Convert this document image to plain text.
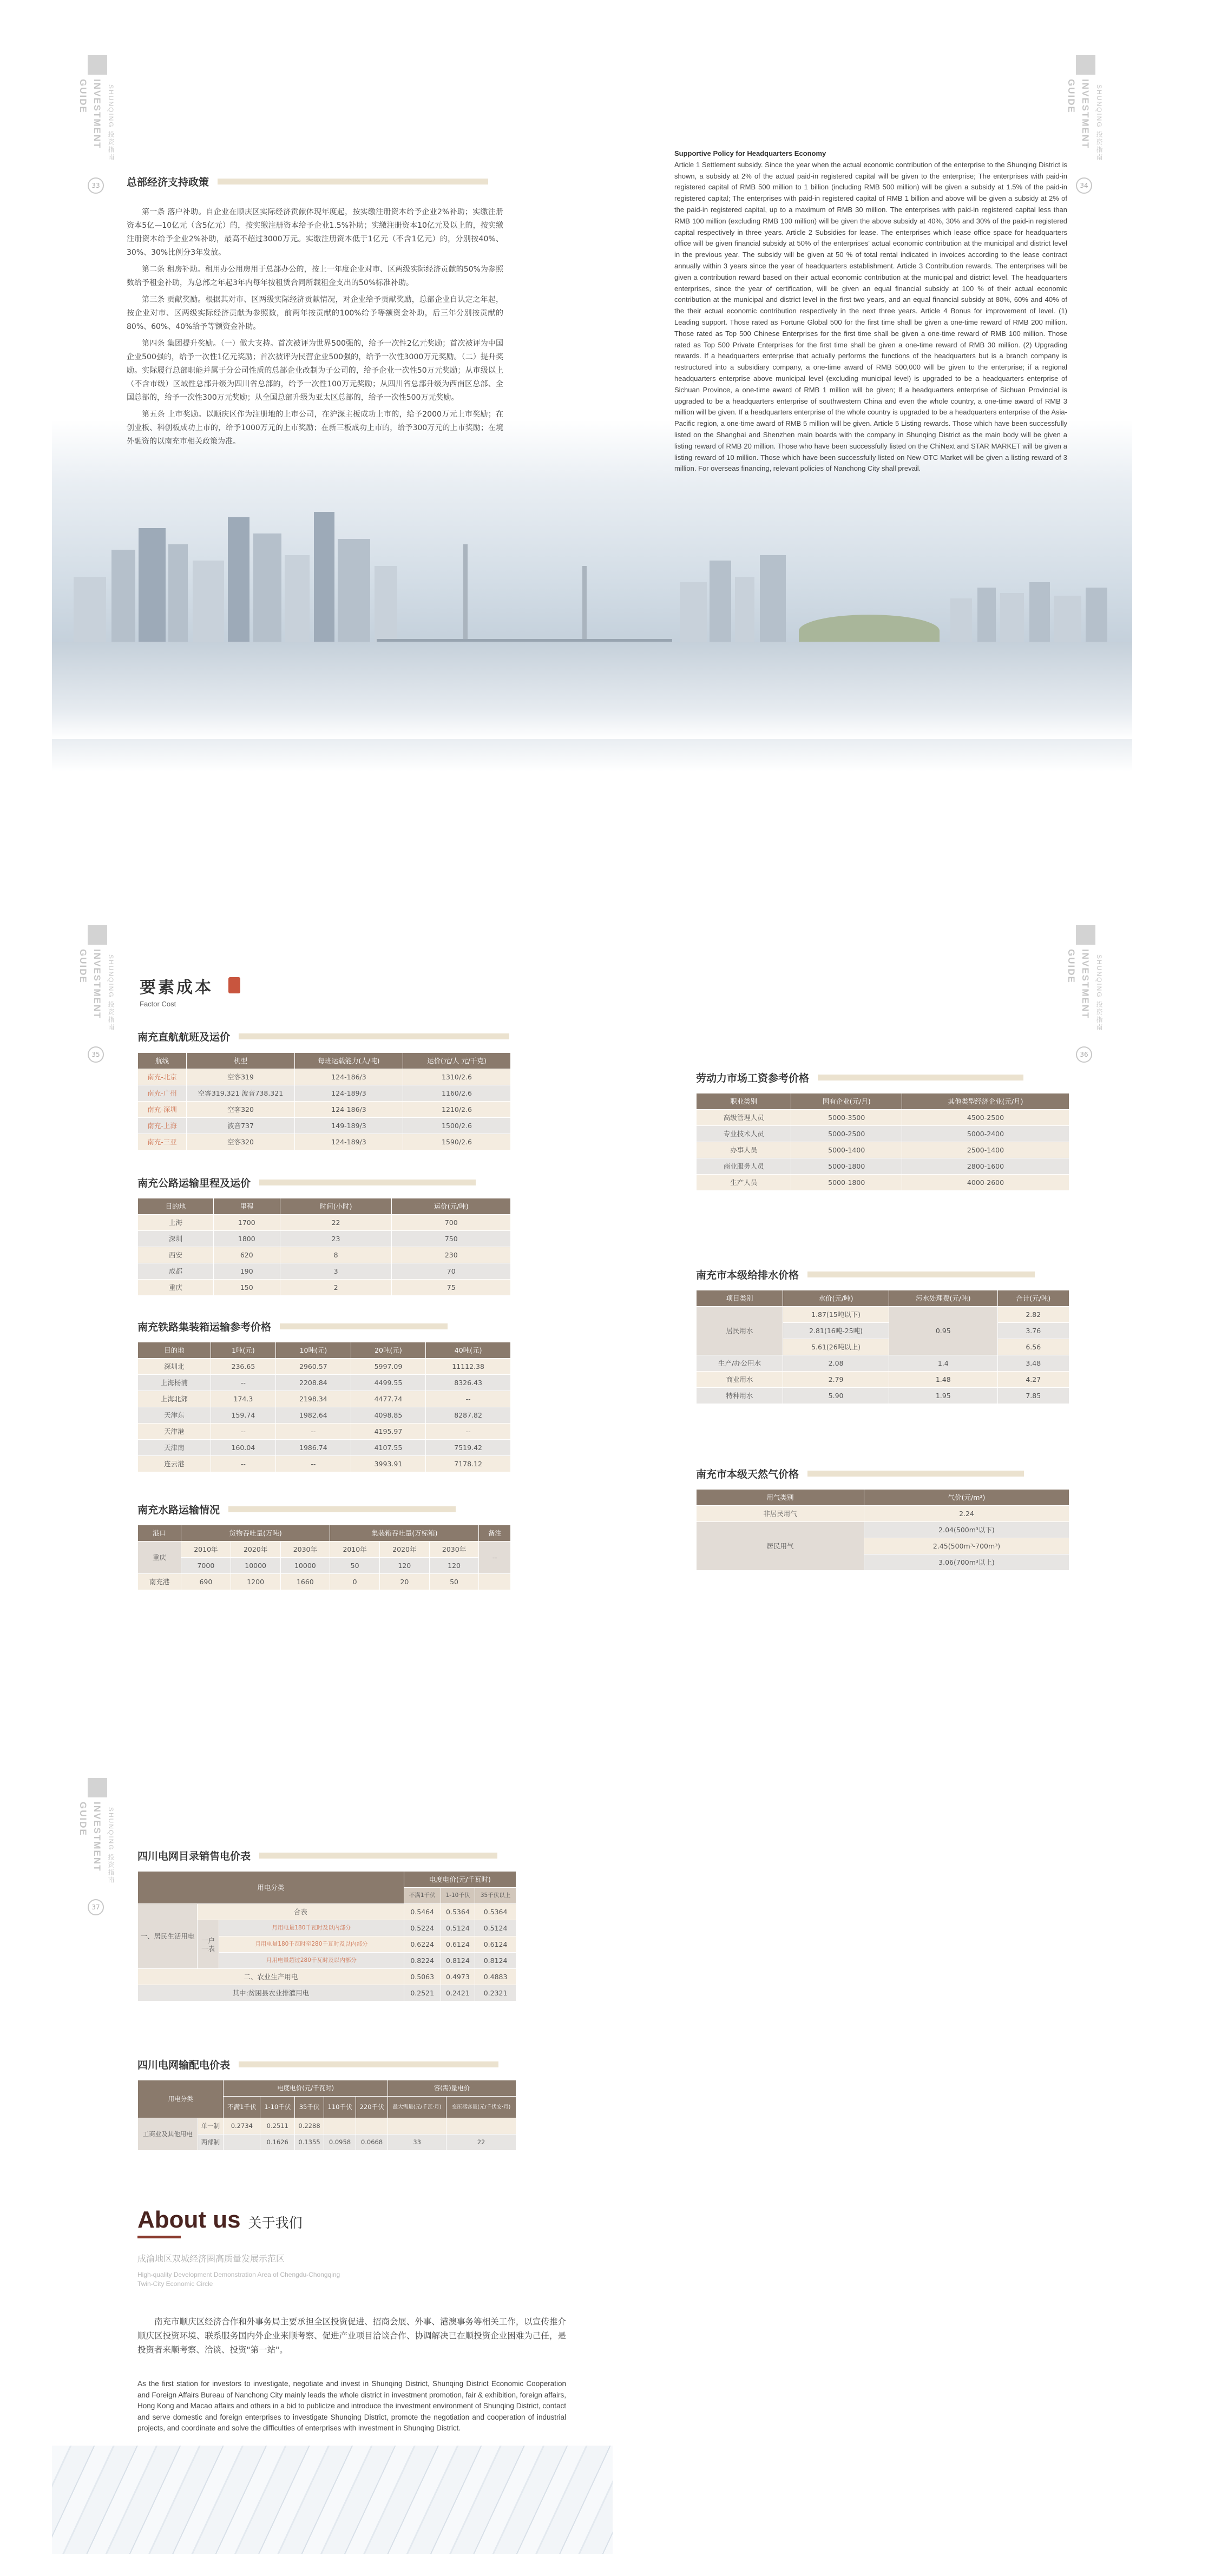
INVESTMENT GUIDE	SHUNQING 投资指南
33
INVESTMENT GUIDE	SHUNQING 投资指南
34
总部经济支持政策

第一条 落户补助。自企业在顺庆区实际经济贡献体现年度起，按实缴注册资本给予企业2%补助；实缴注册资本5亿—10亿元（含5亿元）的，按实缴注册资本给予企业1.5%补助；实缴注册资本10亿元及以上的，按实缴注册资本给予企业2%补助，最高不超过3000万元。实缴注册资本低于1亿元（不含1亿元）的，分别按40%、30%、30%比例分3年发放。

第二条 租房补助。租用办公用房用于总部办公的，按上一年度企业对市、区两级实际经济贡献的50%为参照数给予租金补助，为总部之年起3年内每年按租赁合同所载租金支出的50%标准补助。

第三条 贡献奖励。根据其对市、区两级实际经济贡献情况，对企业给予贡献奖励，总部企业自认定之年起，按企业对市、区两级实际经济贡献为参照数，前两年按贡献的100%给予等额资金补助，后三年分别按贡献的80%、60%、40%给予等额资金补助。

第四条 集团提升奖励。（一）做大支持。首次被评为世界500强的，给予一次性2亿元奖励；首次被评为中国企业500强的，给予一次性1亿元奖励；首次被评为民营企业500强的，给予一次性3000万元奖励。（二）提升奖励。实际履行总部职能并属于分公司性质的总部企业改制为子公司的，给予企业一次性50万元奖励；从市级以上（不含市级）区域性总部升级为四川省总部的，给予一次性100万元奖励；从四川省总部升级为西南区总部、全国总部的，给予一次性300万元奖励；从全国总部升级为亚太区总部的，给予一次性500万元奖励。

第五条 上市奖励。以顺庆区作为注册地的上市公司，在沪深主板成功上市的，给予2000万元上市奖励；在创业板、科创板成功上市的，给予1000万元的上市奖励；在新三板成功上市的，给予300万元的上市奖励；在境外融资的以南充市相关政策为准。

Supportive Policy for Headquarters Economy
Article 1 Settlement subsidy. Since the year when the actual economic contribution of the enterprise to the Shunqing District is shown, a subsidy at 2% of the actual paid-in registered capital will be given to the enterprise; The enterprises with paid-in registered capital of RMB 500 million to 1 billion (including RMB 500 million) will be given a subsidy at 1.5% of the paid-in registered capital; The enterprises with paid-in registered capital of RMB 1 billion and above will be given a subsidy at 2% of the paid-in registered capital, up to a maximum of RMB 30 million. The enterprises with paid-in registered capital less than RMB 100 million (excluding RMB 100 million) will be given the above subsidy at 40%, 30% and 30% of the paid-in registered capital respectively in three years. Article 2 Subsidies for lease. The enterprises which lease office space for headquarters office will be given financial subsidy at 50% of the enterprises' actual economic contribution at the municipal and district level in the previous year. The subsidy will be given at 50 % of total rental indicated in invoices according to the lease contract annually within 3 years since the year of headquarters establishment. Article 3 Contribution rewards. The enterprises will be given a contribution reward based on their actual economic contribution at the municipal and district level. The headquarters enterprises, since the year of certification, will be given an equal financial subsidy at 100 % of their actual economic contribution at the municipal and district level in the first two years, and an equal financial subsidy at 80%, 60% and 40% of the their actual economic contribution respectively in the next three years. Article 4 Bonus for improvement of level. (1) Leading support. Those rated as Fortune Global 500 for the first time shall be given a one-time reward of RMB 200 million. Those rated as Top 500 Chinese Enterprises for the first time shall be given a one-time reward of RMB 100 million. Those rated as Top 500 Private Enterprises for the first time shall be given a one-time reward of RMB 30 million. (2) Upgrading rewards. If a headquarters enterprise that actually performs the functions of the headquarters but is a branch company is restructured into a subsidiary company, a one-time award of RMB 500,000 will be given to the enterprise; if a regional headquarters enterprise above municipal level (excluding municipal level) is upgraded to be a headquarters enterprise of Sichuan Province, a one-time award of RMB 1 million will be given; If a headquarters enterprise of Sichuan Provincial is upgraded to be a headquarters enterprise of southwestern China and even the whole country, a one-time award of RMB 3 million will be given. If a headquarters enterprise of the whole country is upgraded to be a headquarters enterprise of the Asia-Pacific region, a one-time award of RMB 5 million will be given. Article 5 Listing rewards. Those which have been successfully listed on the Shanghai and Shenzhen main boards with the company in Shunqing District as the main body will be given a listing reward of RMB 20 million. Those who have been successfully listed on the ChiNext and STAR MARKET will be given a listing reward of 10 million. Those which have been successfully listed on New OTC Market will be given a listing reward of 3 million. For overseas financing, relevant policies of Nanchong City shall prevail.
INVESTMENT GUIDE	SHUNQING 投资指南
35
INVESTMENT GUIDE	SHUNQING 投资指南
36
要素成本
Factor Cost
南充直航航班及运价
航线	机型	每班运载能力(人/吨)	运价(元/人 元/千克)
南充-北京	空客319	124-186/3	1310/2.6
南充-广州	空客319.321 波音738.321	124-189/3	1160/2.6
南充-深圳	空客320	124-186/3	1210/2.6
南充-上海	波音737	149-189/3	1500/2.6
南充-三亚	空客320	124-189/3	1590/2.6
南充公路运输里程及运价
目的地	里程	时间(小时)	运价(元/吨)
上海	1700	22	700
深圳	1800	23	750
西安	620	8	230
成都	190	3	70
重庆	150	2	75
南充铁路集装箱运输参考价格
目的地	1吨(元)	10吨(元)	20吨(元)	40吨(元)
深圳北	236.65	2960.57	5997.09	11112.38
上海杨浦	--	2208.84	4499.55	8326.43
上海北郊	174.3	2198.34	4477.74	--
天津东	159.74	1982.64	4098.85	8287.82
天津港	--	--	4195.97	--
天津南	160.04	1986.74	4107.55	7519.42
连云港	--	--	3993.91	7178.12
南充水路运输情况
港口	货物吞吐量(万吨)			集装箱吞吐量(万标箱)			备注
重庆	2010年	2020年	2030年	2010年	2020年	2030年	--
	7000	10000	10000	50	120	120	
南充港	690	1200	1660	0	20	50	
劳动力市场工资参考价格
职业类别	国有企业(元/月)	其他类型经济企业(元/月)
高级管理人员	5000-3500	4500-2500
专业技术人员	5000-2500	5000-2400
办事人员	5000-1400	2500-1400
商业服务人员	5000-1800	2800-1600
生产人员	5000-1800	4000-2600
南充市本级给排水价格
项目类别	水价(元/吨)	污水处理费(元/吨)	合计(元/吨)
居民用水	1.87(15吨以下)	0.95	2.82
	2.81(16吨-25吨)		3.76
	5.61(26吨以上)		6.56
生产/办公用水	2.08	1.4	3.48
商业用水	2.79	1.48	4.27
特种用水	5.90	1.95	7.85
南充市本级天然气价格
用气类别	气价(元/m³)
非居民用气	2.24
居民用气	2.04(500m³以下)
	2.45(500m³-700m³)
	3.06(700m³以上)
INVESTMENT GUIDE	SHUNQING 投资指南
37
四川电网目录销售电价表
用电分类			电度电价(元/千瓦时)		
			不满1千伏	1-10千伏	35千伏以上
一、居民生活用电	合表		0.5464	0.5364	0.5364
	一户一表	月用电量180千瓦时及以内部分	0.5224	0.5124	0.5124
		月用电量180千瓦时至280千瓦时及以内部分	0.6224	0.6124	0.6124
		月用电量超过280千瓦时及以内部分	0.8224	0.8124	0.8124
二、农业生产用电			0.5063	0.4973	0.4883
其中:贫困县农业排灌用电			0.2521	0.2421	0.2321
四川电网输配电价表
用电分类		电度电价(元/千瓦时)					容(需)量电价	
		不满1千伏	1-10千伏	35千伏	110千伏	220千伏	最大需量(元/千瓦·月)	变压器容量(元/千伏安·月)
工商业及其他用电	单一制	0.2734	0.2511	0.2288				
	两部制		0.1626	0.1355	0.0958	0.0668	33	22
About us 关于我们
成渝地区双城经济圈高质量发展示范区
High-quality Development Demonstration Area of Chengdu-Chongqing Twin-City Economic Circle
南充市顺庆区经济合作和外事务局主要承担全区投资促进、招商会展、外事、港澳事务等相关工作，以宣传推介顺庆区投资环境、联系服务国内外企业来顺考察、促进产业项目洽谈合作、协调解决已在顺投资企业困难为己任，是投资者来顺考察、洽谈、投资"第一站"。
As the first station for investors to investigate, negotiate and invest in Shunqing District, Shunqing District Economic Cooperation and Foreign Affairs Bureau of Nanchong City mainly leads the whole district in investment promotion, fair & exhibition, foreign affairs, Hong Kong and Macao affairs and others in a bid to publicize and introduce the investment environment of Shunqing District, contact and serve domestic and foreign enterprises to investigate Shunqing District, promote the negotiation and cooperation of industrial projects, and coordinate and solve the difficulties of enterprises with investment in Shunqing District.
